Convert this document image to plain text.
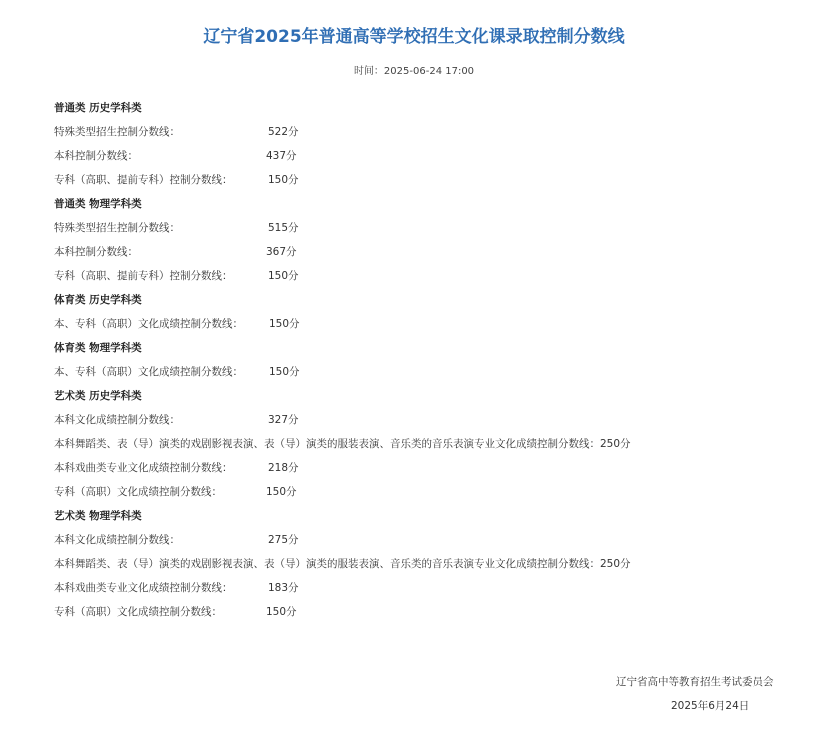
辽宁省2025年普通高等学校招生文化课录取控制分数线
时间：2025-06-24 17:00
普通类 历史学科类
特殊类型招生控制分数线：	522分
本科控制分数线：	437分
专科（高职、提前专科）控制分数线：	150分
普通类 物理学科类
特殊类型招生控制分数线：	515分
本科控制分数线：	367分
专科（高职、提前专科）控制分数线：	150分
体育类 历史学科类
本、专科（高职）文化成绩控制分数线： 150分
体育类 物理学科类
本、专科（高职）文化成绩控制分数线： 150分
艺术类 历史学科类
本科文化成绩控制分数线：	327分
本科舞蹈类、表（导）演类的戏剧影视表演、表（导）演类的服装表演、音乐类的音乐表演专业文化成绩控制分数线：250分
本科戏曲类专业文化成绩控制分数线：	218分
专科（高职）文化成绩控制分数线：	150分
艺术类 物理学科类
本科文化成绩控制分数线：	275分
本科舞蹈类、表（导）演类的戏剧影视表演、表（导）演类的服装表演、音乐类的音乐表演专业文化成绩控制分数线：250分
本科戏曲类专业文化成绩控制分数线：	183分
专科（高职）文化成绩控制分数线：	150分
辽宁省高中等教育招生考试委员会
2025年6月24日
